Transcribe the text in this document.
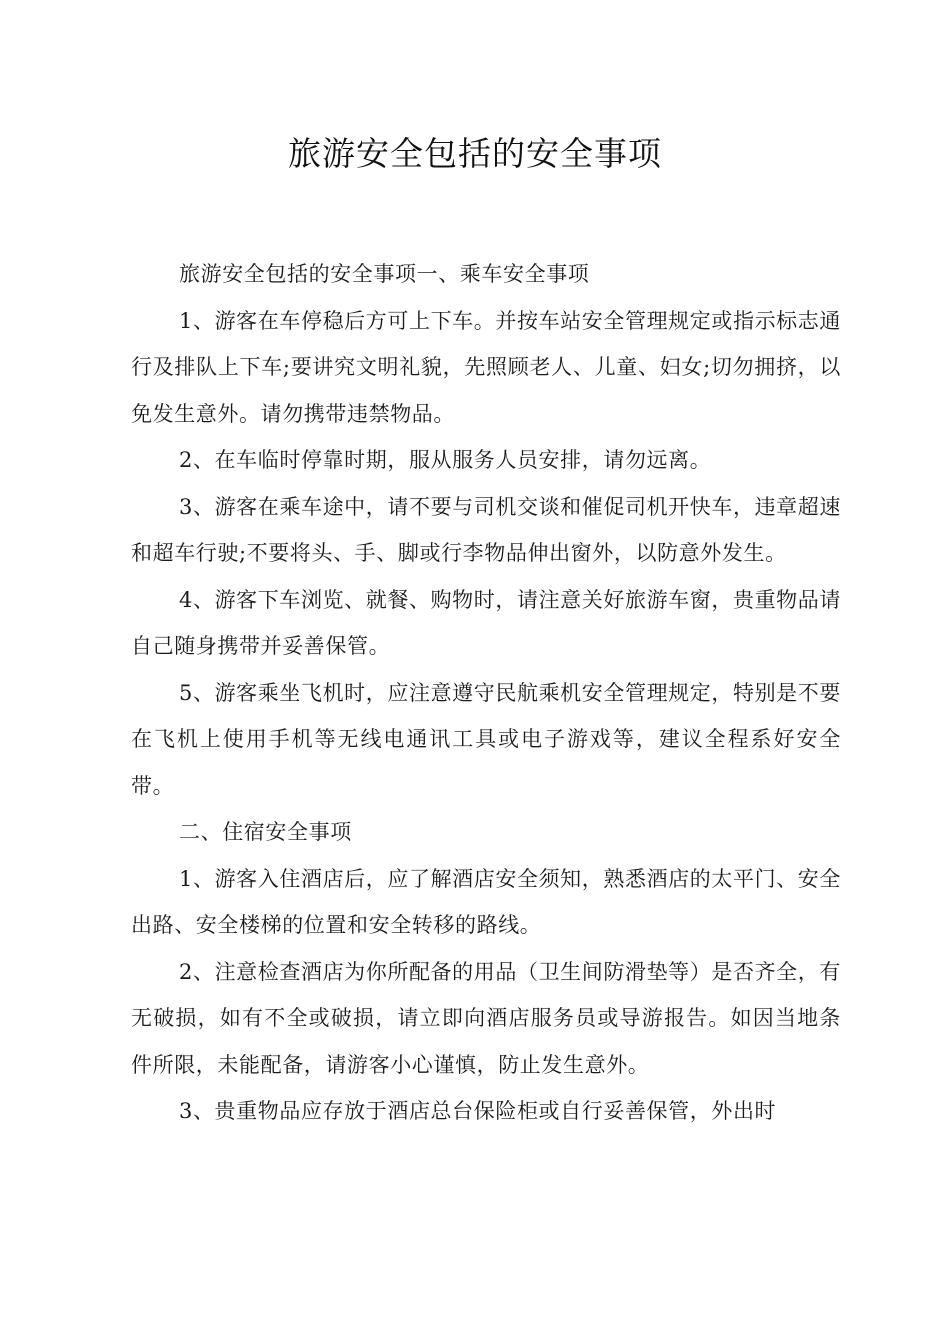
旅游安全包括的安全事项

旅游安全包括的安全事项一、乘车安全事项

1、游客在车停稳后方可上下车。并按车站安全管理规定或指示标志通行及排队上下车;要讲究文明礼貌，先照顾老人、儿童、妇女;切勿拥挤，以免发生意外。请勿携带违禁物品。

2、在车临时停靠时期，服从服务人员安排，请勿远离。

3、游客在乘车途中，请不要与司机交谈和催促司机开快车，违章超速和超车行驶;不要将头、手、脚或行李物品伸出窗外，以防意外发生。

4、游客下车浏览、就餐、购物时，请注意关好旅游车窗，贵重物品请自己随身携带并妥善保管。

5、游客乘坐飞机时，应注意遵守民航乘机安全管理规定，特别是不要在飞机上使用手机等无线电通讯工具或电子游戏等，建议全程系好安全带。

二、住宿安全事项

1、游客入住酒店后，应了解酒店安全须知，熟悉酒店的太平门、安全出路、安全楼梯的位置和安全转移的路线。

2、注意检查酒店为你所配备的用品（卫生间防滑垫等）是否齐全，有无破损，如有不全或破损，请立即向酒店服务员或导游报告。如因当地条件所限，未能配备，请游客小心谨慎，防止发生意外。

3、贵重物品应存放于酒店总台保险柜或自行妥善保管，外出时
